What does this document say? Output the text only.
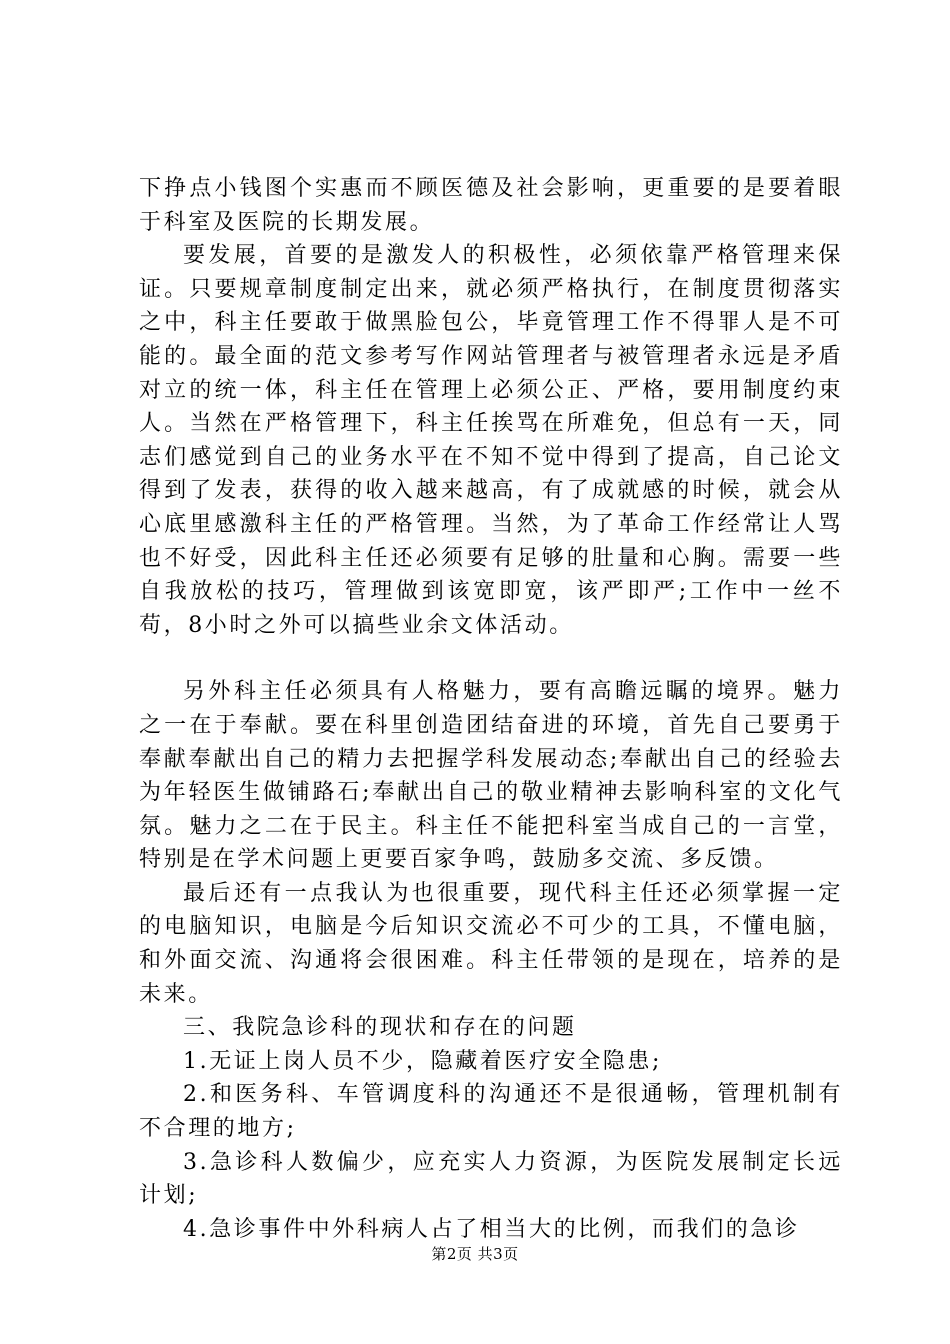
下挣点小钱图个实惠而不顾医德及社会影响，更重要的是要着眼于科室及医院的长期发展。

要发展，首要的是激发人的积极性，必须依靠严格管理来保证。只要规章制度制定出来，就必须严格执行，在制度贯彻落实之中，科主任要敢于做黑脸包公，毕竟管理工作不得罪人是不可能的。最全面的范文参考写作网站管理者与被管理者永远是矛盾对立的统一体，科主任在管理上必须公正、严格，要用制度约束人。当然在严格管理下，科主任挨骂在所难免，但总有一天，同志们感觉到自己的业务水平在不知不觉中得到了提高，自己论文得到了发表，获得的收入越来越高，有了成就感的时候，就会从心底里感激科主任的严格管理。当然，为了革命工作经常让人骂也不好受，因此科主任还必须要有足够的肚量和心胸。需要一些自我放松的技巧，管理做到该宽即宽，该严即严;工作中一丝不苟，8小时之外可以搞些业余文体活动。

另外科主任必须具有人格魅力，要有高瞻远瞩的境界。魅力之一在于奉献。要在科里创造团结奋进的环境，首先自己要勇于奉献奉献出自己的精力去把握学科发展动态;奉献出自己的经验去为年轻医生做铺路石;奉献出自己的敬业精神去影响科室的文化气氛。魅力之二在于民主。科主任不能把科室当成自己的一言堂，特别是在学术问题上更要百家争鸣，鼓励多交流、多反馈。

最后还有一点我认为也很重要，现代科主任还必须掌握一定的电脑知识，电脑是今后知识交流必不可少的工具，不懂电脑，和外面交流、沟通将会很困难。科主任带领的是现在，培养的是未来。

三、我院急诊科的现状和存在的问题

1.无证上岗人员不少，隐藏着医疗安全隐患;

2.和医务科、车管调度科的沟通还不是很通畅，管理机制有不合理的地方;

3.急诊科人数偏少，应充实人力资源，为医院发展制定长远计划;

4.急诊事件中外科病人占了相当大的比例，而我们的急诊

第2页 共3页
